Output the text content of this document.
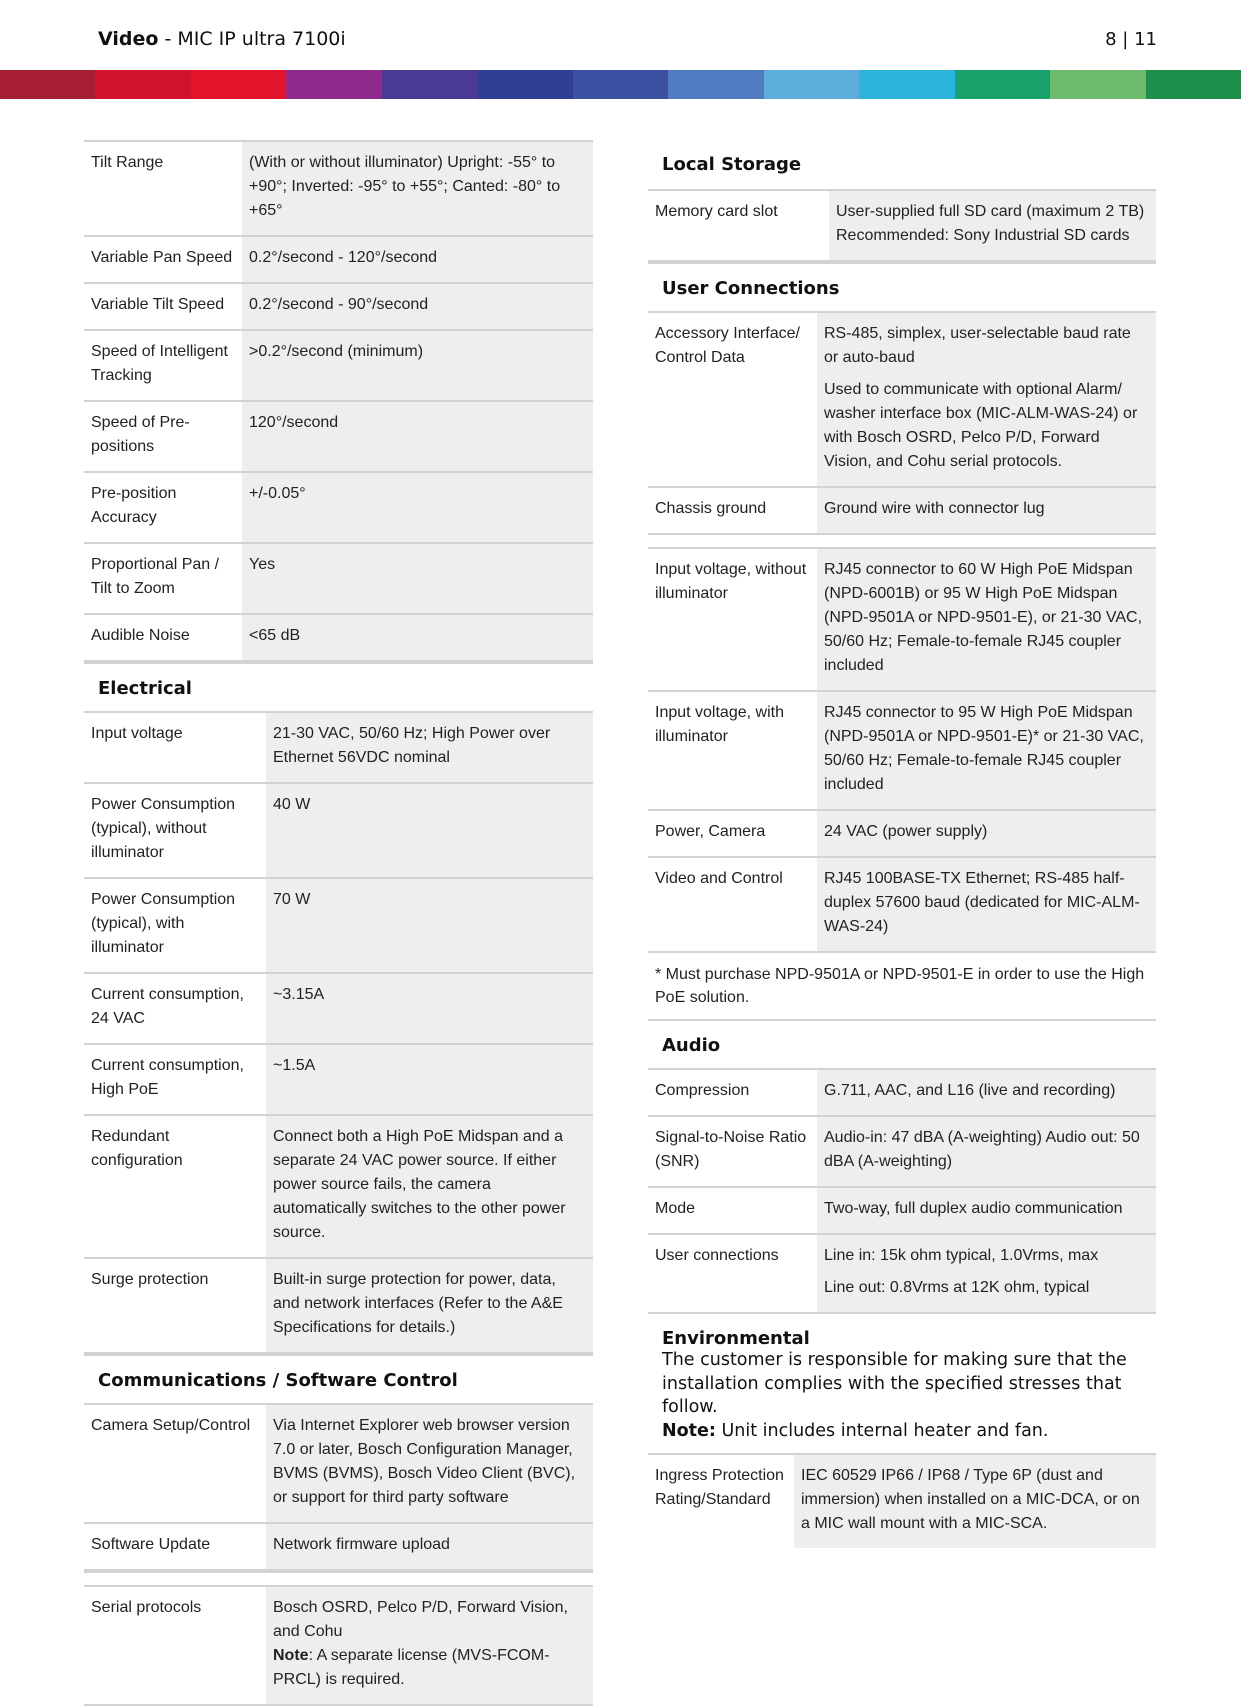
Video - MIC IP ultra 7100i	8 | 11
Tilt Range	(With or without illuminator) Upright: -55° to +90°; Inverted: -95° to +55°; Canted: -80° to +65°
Variable Pan Speed	0.2°/second - 120°/second
Variable Tilt Speed	0.2°/second - 90°/second
Speed of Intelligent Tracking	>0.2°/second (minimum)
Speed of Pre-positions	120°/second
Pre-position Accuracy	+/-0.05°
Proportional Pan / Tilt to Zoom	Yes
Audible Noise	<65 dB
Electrical
Input voltage	21-30 VAC, 50/60 Hz; High Power over Ethernet 56VDC nominal
Power Consumption (typical), without illuminator	40 W
Power Consumption (typical), with illuminator	70 W
Current consumption, 24 VAC	~3.15A
Current consumption, High PoE	~1.5A
Redundant configuration	Connect both a High PoE Midspan and a separate 24 VAC power source. If either power source fails, the camera automatically switches to the other power source.
Surge protection	Built-in surge protection for power, data, and network interfaces (Refer to the A&E Specifications for details.)
Communications / Software Control
Camera Setup/Control	Via Internet Explorer web browser version 7.0 or later, Bosch Configuration Manager, BVMS (BVMS), Bosch Video Client (BVC), or support for third party software
Software Update	Network firmware upload
Serial protocols	Bosch OSRD, Pelco P/D, Forward Vision, and Cohu
Note: A separate license (MVS-FCOM-PRCL) is required.
Local Storage
Memory card slot	User-supplied full SD card (maximum 2 TB) Recommended: Sony Industrial SD cards
User Connections
Accessory Interface/ Control Data	RS-485, simplex, user-selectable baud rate or auto-baud

Used to communicate with optional Alarm/ washer interface box (MIC-ALM-WAS-24) or with Bosch OSRD, Pelco P/D, Forward Vision, and Cohu serial protocols.

Chassis ground	Ground wire with connector lug
Input voltage, without illuminator	RJ45 connector to 60 W High PoE Midspan (NPD-6001B) or 95 W High PoE Midspan (NPD-9501A or NPD-9501-E), or 21-30 VAC, 50/60 Hz; Female-to-female RJ45 coupler included
Input voltage, with illuminator	RJ45 connector to 95 W High PoE Midspan (NPD-9501A or NPD-9501-E)* or 21-30 VAC, 50/60 Hz; Female-to-female RJ45 coupler included
Power, Camera	24 VAC (power supply)
Video and Control	RJ45 100BASE-TX Ethernet; RS-485 half-duplex 57600 baud (dedicated for MIC-ALM-WAS-24)
* Must purchase NPD-9501A or NPD-9501-E in order to use the High PoE solution.
Audio
Compression	G.711, AAC, and L16 (live and recording)
Signal-to-Noise Ratio (SNR)	Audio-in: 47 dBA (A-weighting) Audio out: 50 dBA (A-weighting)
Mode	Two-way, full duplex audio communication
User connections	Line in: 15k ohm typical, 1.0Vrms, max

Line out: 0.8Vrms at 12K ohm, typical

Environmental
The customer is responsible for making sure that the installation complies with the specified stresses that follow.
Note: Unit includes internal heater and fan.
Ingress Protection Rating/Standard	IEC 60529 IP66 / IP68 / Type 6P (dust and immersion) when installed on a MIC-DCA, or on a MIC wall mount with a MIC-SCA.
